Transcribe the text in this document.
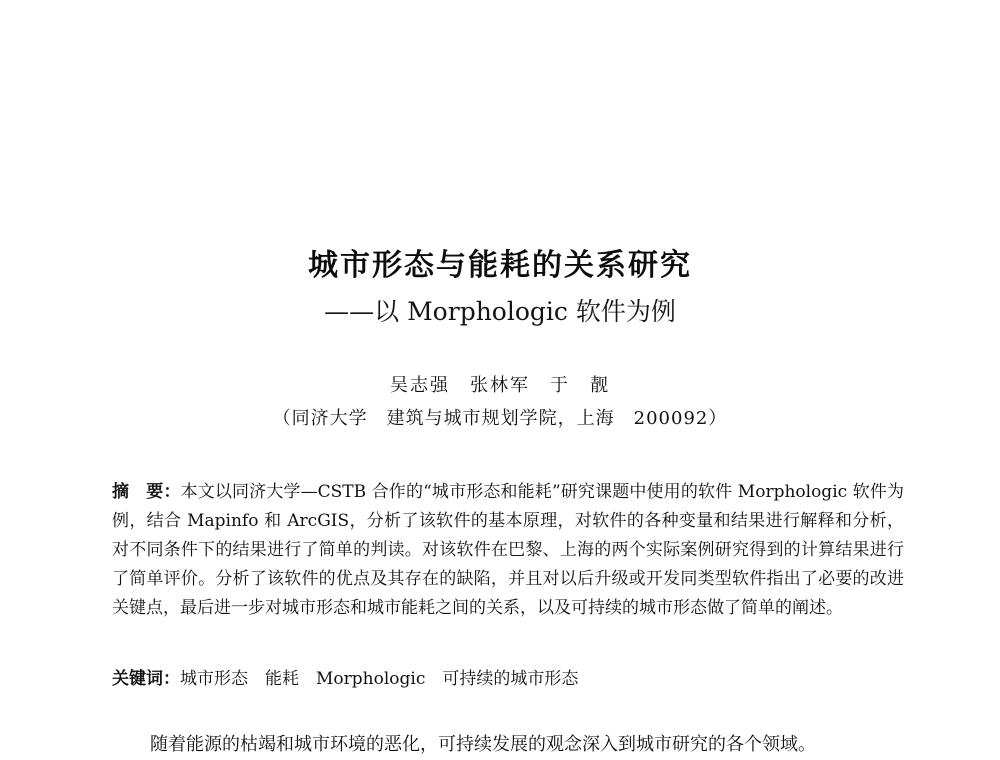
城市形态与能耗的关系研究
——以 Morphologic 软件为例
吴志强　张林军　于　靓
（同济大学　建筑与城市规划学院，上海　200092）
摘　要：本文以同济大学—CSTB 合作的“城市形态和能耗”研究课题中使用的软件 Morphologic 软件为例，结合 Mapinfo 和 ArcGIS，分析了该软件的基本原理，对软件的各种变量和结果进行解释和分析，对不同条件下的结果进行了简单的判读。对该软件在巴黎、上海的两个实际案例研究得到的计算结果进行了简单评价。分析了该软件的优点及其存在的缺陷，并且对以后升级或开发同类型软件指出了必要的改进关键点，最后进一步对城市形态和城市能耗之间的关系，以及可持续的城市形态做了简单的阐述。
关键词：城市形态　能耗　Morphologic　可持续的城市形态
随着能源的枯竭和城市环境的恶化，可持续发展的观念深入到城市研究的各个领域。
